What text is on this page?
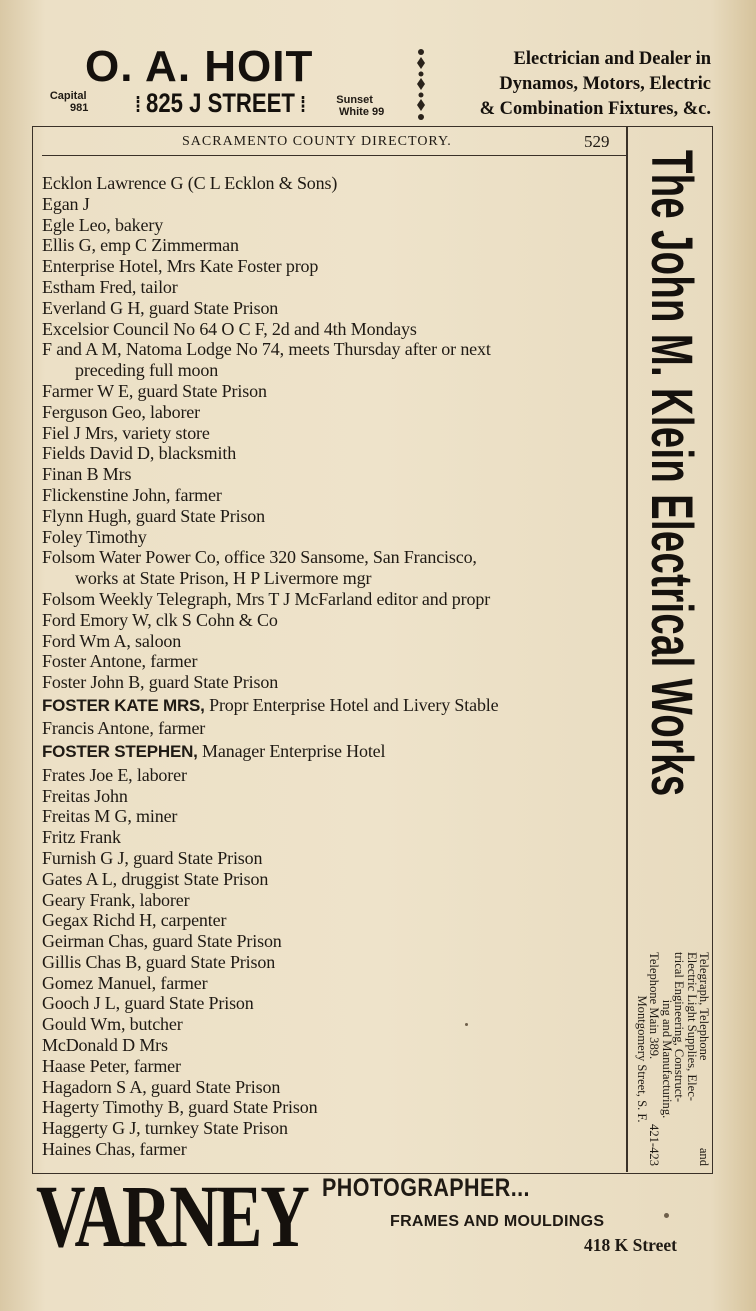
O. A. HOIT
Capital
981 ⁞ 825 J STREET ⁞	Sunset
White 99
Electrician and Dealer in
Dynamos, Motors, Electric
& Combination Fixtures, &c.
SACRAMENTO COUNTY DIRECTORY.	529
Ecklon Lawrence G (C L Ecklon & Sons)
Egan J
Egle Leo, bakery
Ellis G, emp C Zimmerman
Enterprise Hotel, Mrs Kate Foster prop
Estham Fred, tailor
Everland G H, guard State Prison
Excelsior Council No 64 O C F, 2d and 4th Mondays
F and A M, Natoma Lodge No 74, meets Thursday after or next
preceding full moon
Farmer W E, guard State Prison
Ferguson Geo, laborer
Fiel J Mrs, variety store
Fields David D, blacksmith
Finan B Mrs
Flickenstine John, farmer
Flynn Hugh, guard State Prison
Foley Timothy
Folsom Water Power Co, office 320 Sansome, San Francisco,
works at State Prison, H P Livermore mgr
Folsom Weekly Telegraph, Mrs T J McFarland editor and propr
Ford Emory W, clk S Cohn & Co
Ford Wm A, saloon
Foster Antone, farmer
Foster John B, guard State Prison
FOSTER KATE MRS, Propr Enterprise Hotel and Livery Stable
Francis Antone, farmer
FOSTER STEPHEN, Manager Enterprise Hotel
Frates Joe E, laborer
Freitas John
Freitas M G, miner
Fritz Frank
Furnish G J, guard State Prison
Gates A L, druggist State Prison
Geary Frank, laborer
Gegax Richd H, carpenter
Geirman Chas, guard State Prison
Gillis Chas B, guard State Prison
Gomez Manuel, farmer
Gooch J L, guard State Prison
Gould Wm, butcher
McDonald D Mrs
Haase Peter, farmer
Hagadorn S A, guard State Prison
Hagerty Timothy B, guard State Prison
Haggerty G J, turnkey State Prison
Haines Chas, farmer
The John M. Klein Electrical Works
Telegraph, Telephone
and
Electric Light Supplies, Elec-
trical Engineering, Construct-
ing and Manufacturing.
Telephone Main 389.
421-423
Montgomery Street, S. F.
VARNEY PHOTOGRAPHER...
FRAMES AND MOULDINGS
418 K Street
